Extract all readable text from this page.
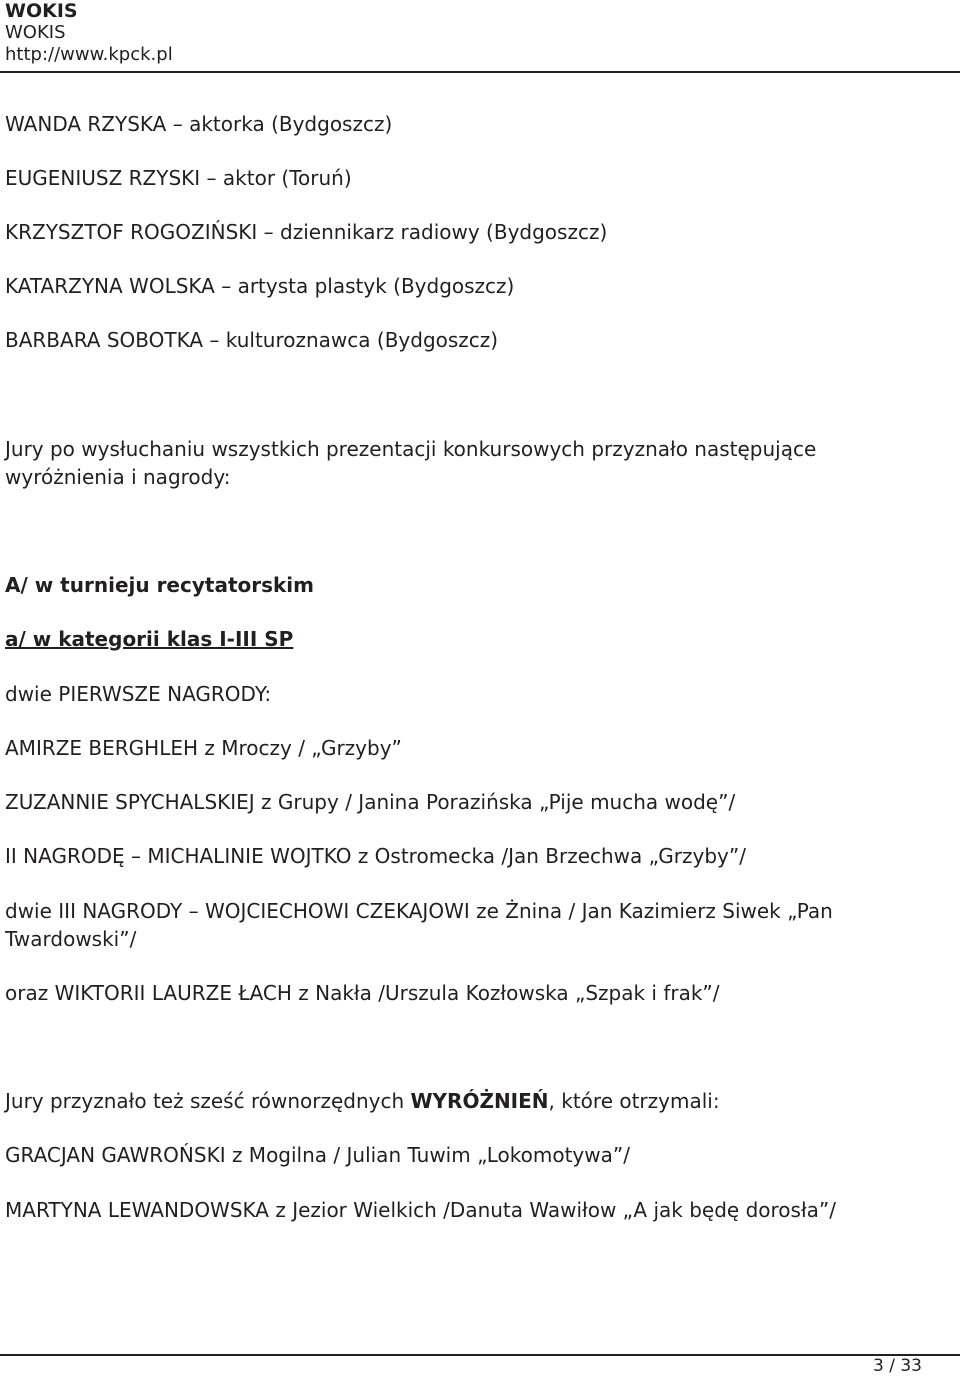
WOKIS
WOKIS
http://www.kpck.pl
WANDA RZYSKA – aktorka (Bydgoszcz)
EUGENIUSZ RZYSKI – aktor (Toruń)
KRZYSZTOF ROGOZIŃSKI – dziennikarz radiowy (Bydgoszcz)
KATARZYNA WOLSKA – artysta plastyk (Bydgoszcz)
BARBARA SOBOTKA – kulturoznawca (Bydgoszcz)
Jury po wysłuchaniu wszystkich prezentacji konkursowych przyznało następujące wyróżnienia i nagrody:
A/ w turnieju recytatorskim
a/ w kategorii klas I-III SP
dwie PIERWSZE NAGRODY:
AMIRZE BERGHLEH z Mroczy / „Grzyby”
ZUZANNIE SPYCHALSKIEJ z Grupy / Janina Porazińska „Pije mucha wodę”/
II NAGRODĘ – MICHALINIE WOJTKO z Ostromecka /Jan Brzechwa „Grzyby”/
dwie III NAGRODY – WOJCIECHOWI CZEKAJOWI ze Żnina / Jan Kazimierz Siwek „Pan Twardowski”/
oraz WIKTORII LAURZE ŁACH z Nakła /Urszula Kozłowska „Szpak i frak”/
Jury przyznało też sześć równorzędnych WYRÓŻNIEŃ, które otrzymali:
GRACJAN GAWROŃSKI z Mogilna / Julian Tuwim „Lokomotywa”/
MARTYNA LEWANDOWSKA z Jezior Wielkich /Danuta Wawiłow „A jak będę dorosła”/
3 / 33
